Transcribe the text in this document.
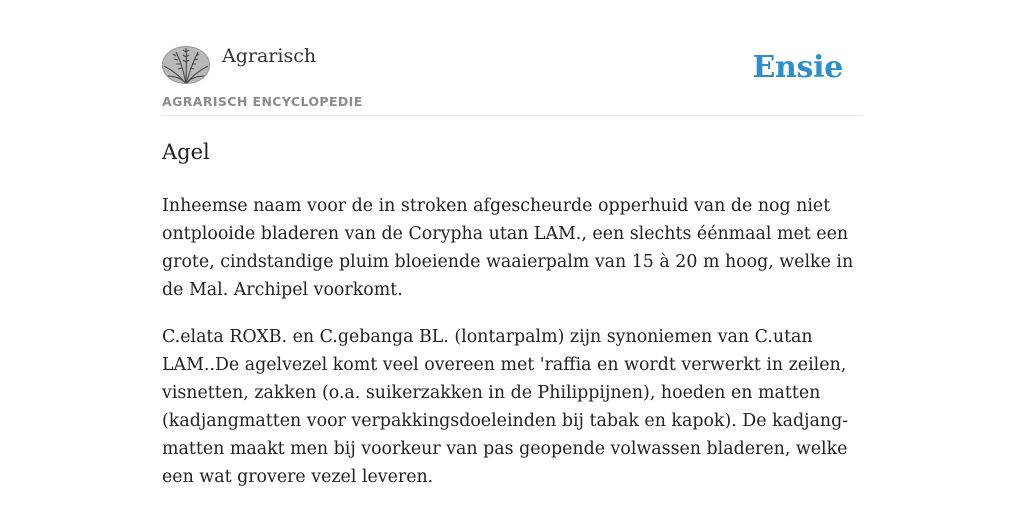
Agrarisch
AGRARISCH ENCYCLOPEDIE
Ensie
Agel

Inheemse naam voor de in stroken afgescheurde opperhuid van de nog niet ontplooide bladeren van de Corypha utan LAM., een slechts éénmaal met een grote, cindstandige pluim bloeiende waaierpalm van 15 à 20 m hoog, welke in de Mal. Archipel voorkomt.

C.elata ROXB. en C.gebanga BL. (lontarpalm) zijn synoniemen van C.utan LAM..De agelvezel komt veel overeen met 'raffia en wordt verwerkt in zeilen, visnetten, zakken (o.a. suikerzakken in de Philippijnen), hoeden en matten (kadjangmatten voor verpakkingsdoeleinden bij tabak en kapok). De kadjang-matten maakt men bij voorkeur van pas geopende volwassen bladeren, welke een wat grovere vezel leveren.
